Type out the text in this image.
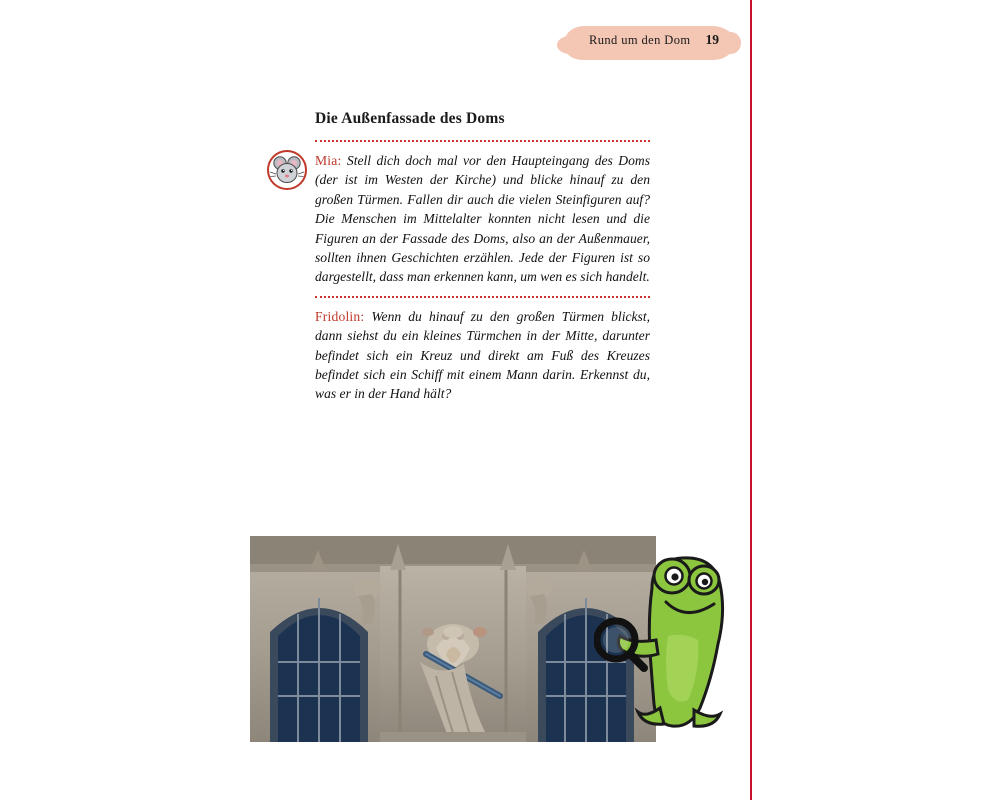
Rund um den Dom 19
Die Außenfassade des Doms

Mia: Stell dich doch mal vor den Haupteingang des Doms (der ist im Westen der Kirche) und blicke hinauf zu den großen Türmen. Fallen dir auch die vielen Steinfiguren auf? Die Menschen im Mittelalter konnten nicht lesen und die Figuren an der Fassade des Doms, also an der Außenmauer, sollten ihnen Geschichten erzählen. Jede der Figuren ist so dargestellt, dass man erkennen kann, um wen es sich handelt.

Fridolin: Wenn du hinauf zu den großen Türmen blickst, dann siehst du ein kleines Türmchen in der Mitte, darunter befindet sich ein Kreuz und direkt am Fuß des Kreuzes befindet sich ein Schiff mit einem Mann darin. Erkennst du, was er in der Hand hält?
